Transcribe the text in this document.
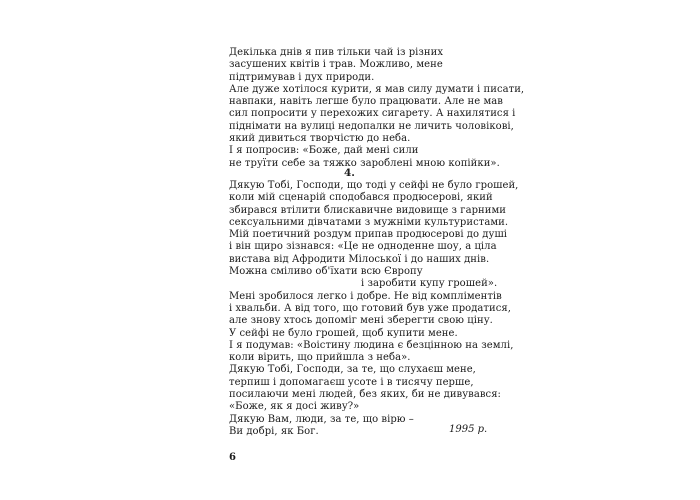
Декілька днів я пив тільки чай із різних
засушених квітів і трав. Можливо, мене
підтримував і дух природи.
Але дуже хотілося курити, я мав силу думати і писати,
навпаки, навіть легше було працювати. Але не мав
сил попросити у перехожих сигарету. А нахилятися і
піднімати на вулиці недопалки не личить чоловікові,
який дивиться творчістю до неба.
І я попросив: «Боже, дай мені сили
не труїти себе за тяжко зароблені мною копійки».

4.

Дякую Тобі, Господи, що тоді у сейфі не було грошей,
коли мій сценарій сподобався продюсерові, який
збирався втілити блискавичне видовище з гарними
сексуальними дівчатами з мужніми культуристами.
Мій поетичний роздум припав продюсерові до душі
і він щиро зізнався: «Це не одноденне шоу, а ціла
вистава від Афродити Мілоської і до наших днів.
Можна сміливо об'їхати всю Європу
і заробити купу грошей».
Мені зробилося легко і добре. Не від компліментів
і хвальби. А від того, що готовий був уже продатися,
але знову хтось допоміг мені зберегти свою ціну.
У сейфі не було грошей, щоб купити мене.
І я подумав: «Воістину людина є безцінною на землі,
коли вірить, що прийшла з неба».
Дякую Тобі, Господи, за те, що слухаєш мене,
терпиш і допомагаєш усоте і в тисячу перше,
посилаючи мені людей, без яких, би не дивувався:
«Боже, як я досі живу?»
Дякую Вам, люди, за те, що вірю –
Ви добрі, як Бог.	1995 р.

6
